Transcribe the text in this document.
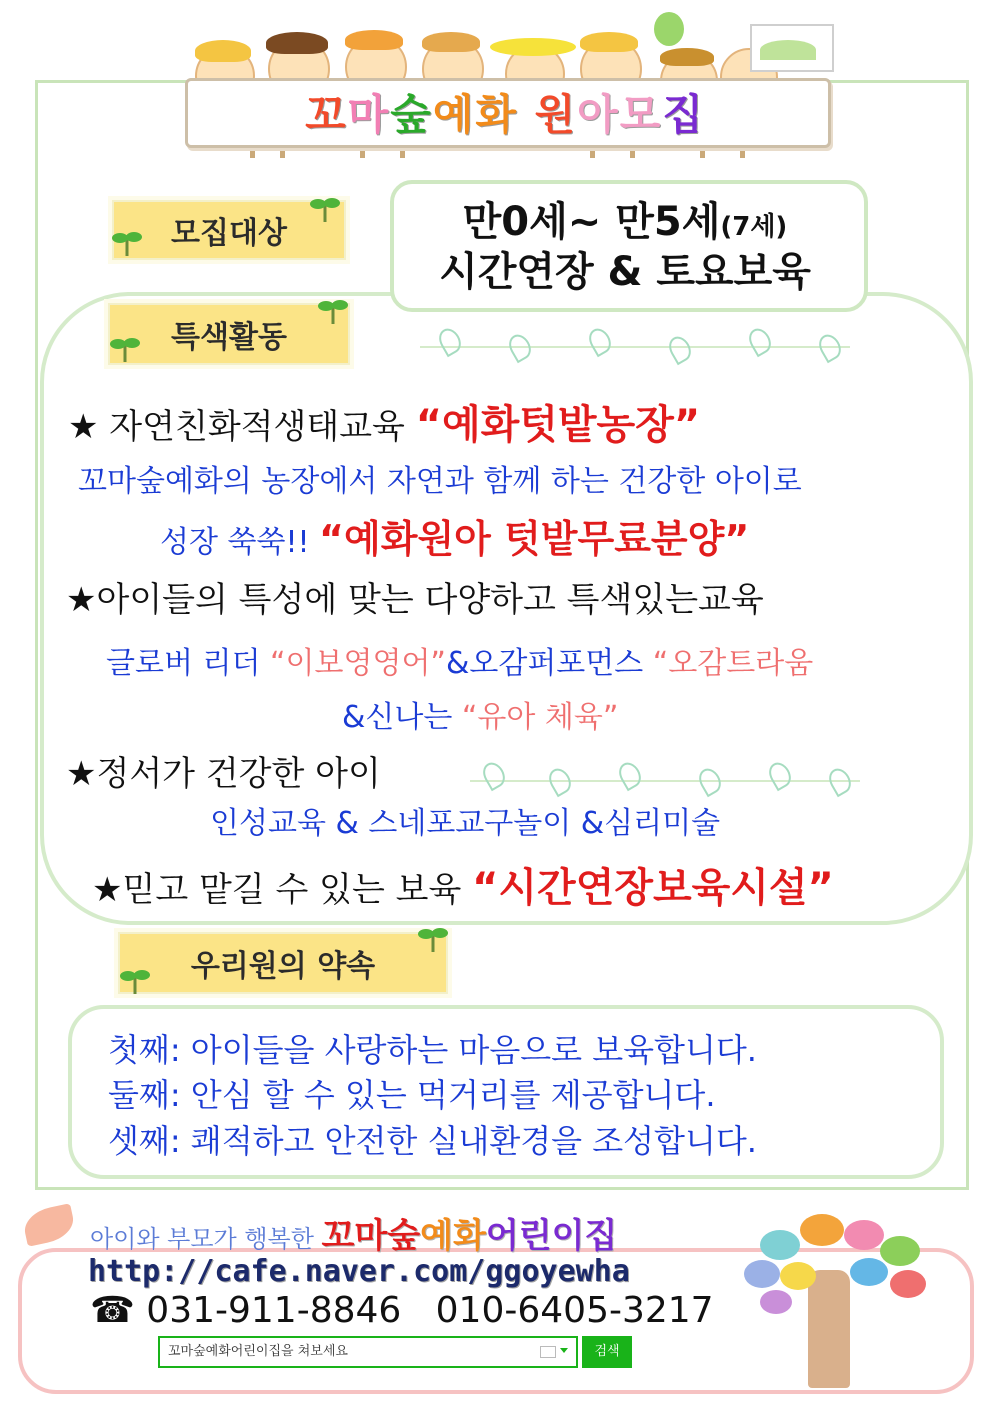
꼬마숲예화 원아모집
모집대상	만0세~ 만5세(7세)
시간연장 & 토요보육
특색활동
★ 자연친화적생태교육 “예화텃밭농장”
꼬마숲예화의 농장에서 자연과 함께 하는 건강한 아이로
성장 쑥쑥!! “예화원아 텃밭무료분양”
★아이들의 특성에 맞는 다양하고 특색있는교육
글로버 리더 “이보영영어”&오감퍼포먼스 “오감트라움
&신나는 “유아 체육”
★정서가 건강한 아이
인성교육 & 스네포교구놀이 &심리미술
★믿고 맡길 수 있는 보육 “시간연장보육시설”
우리원의 약속
첫째: 아이들을 사랑하는 마음으로 보육합니다.
둘째: 안심 할 수 있는 먹거리를 제공합니다.
셋째: 쾌적하고 안전한 실내환경을 조성합니다.
아이와 부모가 행복한 꼬마숲예화어린이집
http://cafe.naver.com/ggoyewha
☎ 031-911-8846   010-6405-3217
꼬마숲예화어린이집을 쳐보세요	검색
